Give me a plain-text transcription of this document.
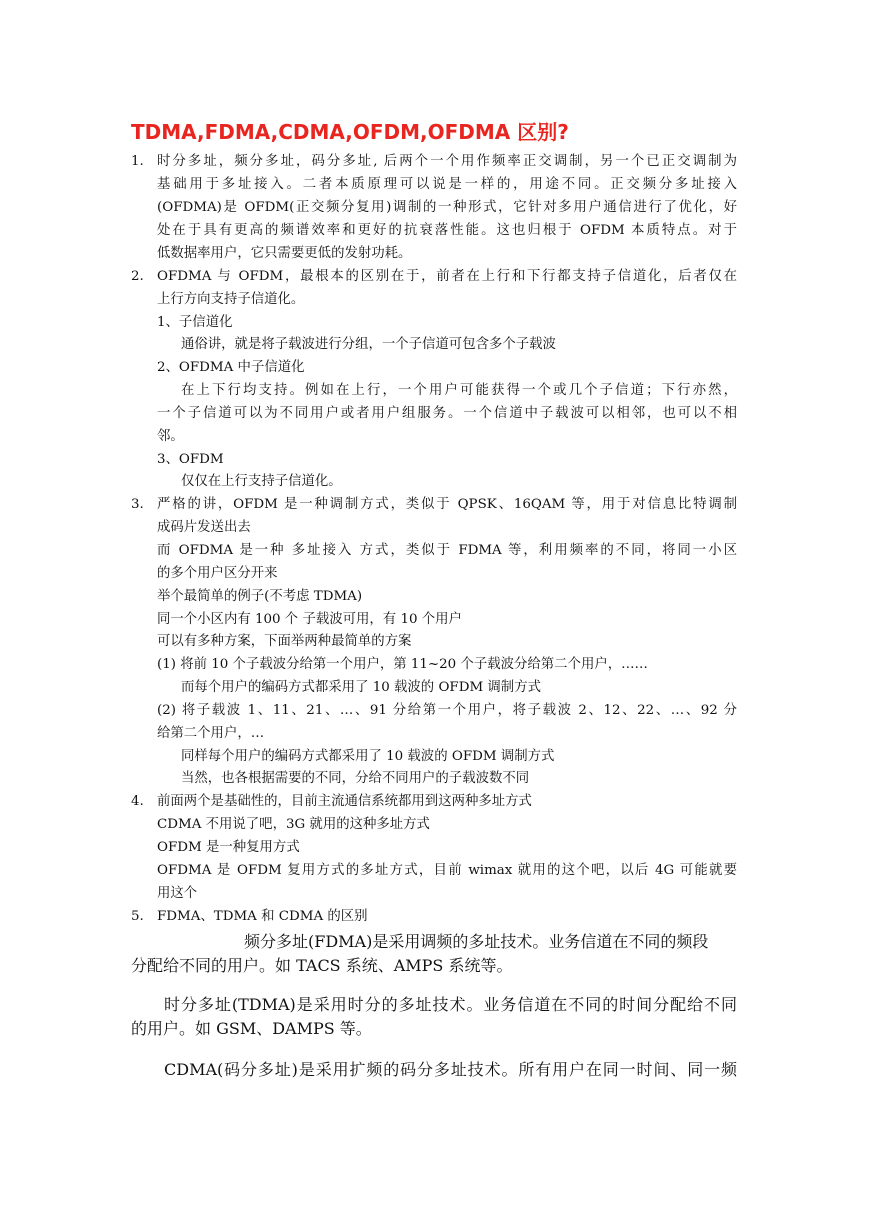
TDMA,FDMA,CDMA,OFDM,OFDMA 区别?
1. 时分多址，频分多址，码分多址, 后两个一个用作频率正交调制，另一个已正交调制为
基础用于多址接入。二者本质原理可以说是一样的，用途不同。正交频分多址接入
(OFDMA)是 OFDM(正交频分复用)调制的一种形式，它针对多用户通信进行了优化，好
处在于具有更高的频谱效率和更好的抗衰落性能。这也归根于 OFDM 本质特点。对于
低数据率用户，它只需要更低的发射功耗。
2. OFDMA 与 OFDM，最根本的区别在于，前者在上行和下行都支持子信道化，后者仅在
上行方向支持子信道化。
1、子信道化
通俗讲，就是将子载波进行分组，一个子信道可包含多个子载波
2、OFDMA 中子信道化
在上下行均支持。例如在上行，一个用户可能获得一个或几个子信道；下行亦然，
一个子信道可以为不同用户或者用户组服务。一个信道中子载波可以相邻，也可以不相
邻。
3、OFDM
仅仅在上行支持子信道化。
3. 严格的讲，OFDM 是一种调制方式，类似于 QPSK、16QAM 等，用于对信息比特调制
成码片发送出去
而 OFDMA 是一种 多址接入 方式，类似于 FDMA 等，利用频率的不同，将同一小区
的多个用户区分开来
举个最简单的例子(不考虑 TDMA)
同一个小区内有 100 个 子载波可用，有 10 个用户
可以有多种方案，下面举两种最简单的方案
(1) 将前 10 个子载波分给第一个用户，第 11~20 个子载波分给第二个用户，……
而每个用户的编码方式都采用了 10 载波的 OFDM 调制方式
(2) 将子载波 1、11、21、…、91 分给第一个用户，将子载波 2、12、22、…、92 分
给第二个用户，…
同样每个用户的编码方式都采用了 10 载波的 OFDM 调制方式
当然，也各根据需要的不同，分给不同用户的子载波数不同
4. 前面两个是基础性的，目前主流通信系统都用到这两种多址方式
CDMA 不用说了吧，3G 就用的这种多址方式
OFDM 是一种复用方式
OFDMA 是 OFDM 复用方式的多址方式，目前 wimax 就用的这个吧，以后 4G 可能就要
用这个
5. FDMA、TDMA 和 CDMA 的区别
频分多址(FDMA)是采用调频的多址技术。业务信道在不同的频段
分配给不同的用户。如 TACS 系统、AMPS 系统等。
时分多址(TDMA)是采用时分的多址技术。业务信道在不同的时间分配给不同
的用户。如 GSM、DAMPS 等。
CDMA(码分多址)是采用扩频的码分多址技术。所有用户在同一时间、同一频
